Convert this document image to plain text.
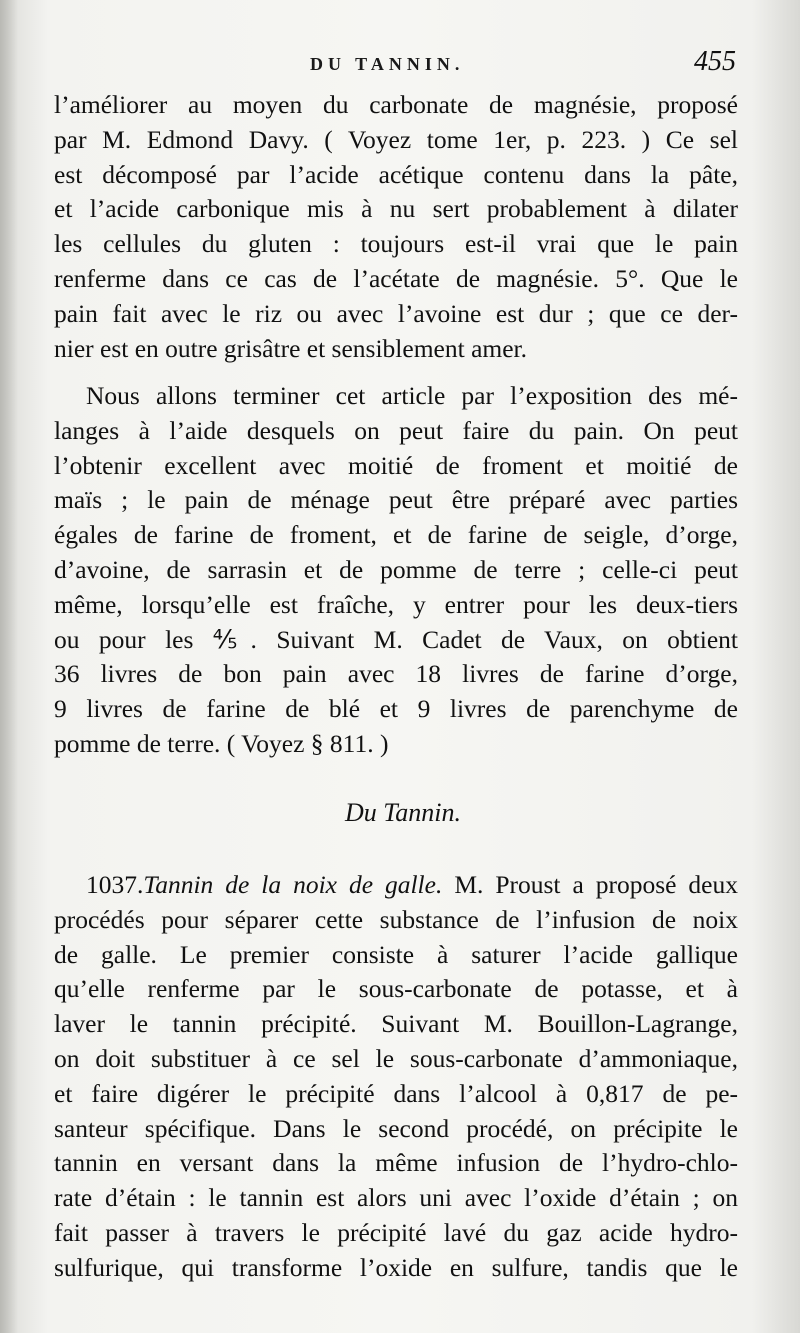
DU TANNIN.	455
l’améliorer au moyen du carbonate de magnésie, proposé
par M. Edmond Davy. ( Voyez tome 1er, p. 223. ) Ce sel
est décomposé par l’acide acétique contenu dans la pâte,
et l’acide carbonique mis à nu sert probablement à dilater
les cellules du gluten : toujours est-il vrai que le pain
renferme dans ce cas de l’acétate de magnésie. 5°. Que le
pain fait avec le riz ou avec l’avoine est dur ; que ce der-
nier est en outre grisâtre et sensiblement amer.
Nous allons terminer cet article par l’exposition des mé-
langes à l’aide desquels on peut faire du pain. On peut
l’obtenir excellent avec moitié de froment et moitié de
maïs ; le pain de ménage peut être préparé avec parties
égales de farine de froment, et de farine de seigle, d’orge,
d’avoine, de sarrasin et de pomme de terre ; celle-ci peut
même, lorsqu’elle est fraîche, y entrer pour les deux-tiers
ou pour les ⅘. Suivant M. Cadet de Vaux, on obtient
36 livres de bon pain avec 18 livres de farine d’orge,
9 livres de farine de blé et 9 livres de parenchyme de
pomme de terre. ( Voyez § 811. )
Du Tannin.
1037.Tannin de la noix de galle. M. Proust a proposé deux
procédés pour séparer cette substance de l’infusion de noix
de galle. Le premier consiste à saturer l’acide gallique
qu’elle renferme par le sous-carbonate de potasse, et à
laver le tannin précipité. Suivant M. Bouillon-Lagrange,
on doit substituer à ce sel le sous-carbonate d’ammoniaque,
et faire digérer le précipité dans l’alcool à 0,817 de pe-
santeur spécifique. Dans le second procédé, on précipite le
tannin en versant dans la même infusion de l’hydro-chlo-
rate d’étain : le tannin est alors uni avec l’oxide d’étain ; on
fait passer à travers le précipité lavé du gaz acide hydro-
sulfurique, qui transforme l’oxide en sulfure, tandis que le
